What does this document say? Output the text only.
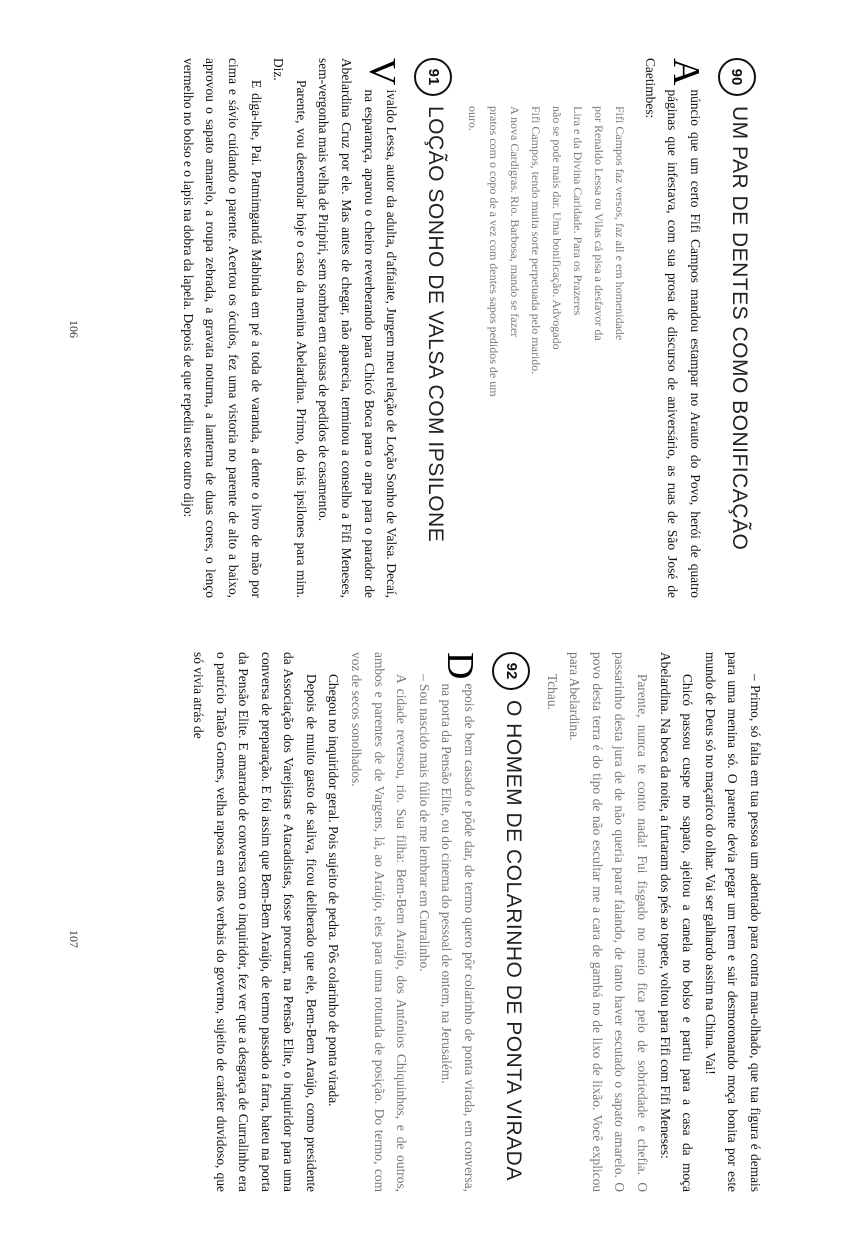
90
UM PAR DE DENTES COMO BONIFICAÇÃO

A
núncio que um certo Fifi Campos mandou estampar no Arauto do Povo, herói de quatro páginas que infestava, com sua prosa de discurso de aniversário, as ruas de São José de Caetimbes:

Fifi Campos faz versos, faz all e em homenidade
por Renaldo Lessa ou Vilas cá pisa a desfavor da
Lira e da Divina Caridade. Para os Prazeres
não se pode mais dar. Uma bonificação. Advogado
Fifi Campos, tendo muita sorte perpetuada pelo marido.
A nova Cardigras. Rio. Barbosa, mando se fazer
pratos com o copo de a vez com dentes sapos pedidos de um
ouro.
91
LOÇÃO SONHO DE VALSA COM IPSILONE

V
ivaldo Lessa, autor da adulta, d'affaiate, Jurgem meu relação de Loção Sonho de Valsa. Decaí, na esparança, aparou o cheiro reverberando para Chicó Boca para o arpa para o parador de Abelardina Cruz por ele. Mas antes de chegar, não aparecia, terminou a conselho a Fifi Meneses, sem-vergonha mais velha de Piripiri, sem sombra em causas de pedidos de casamento.

Parente, vou desenrolar hoje o caso da menina Abelardina. Primo, do tais ipsilones para mim. Diz.

E diga-lhe, Pai. Patmimgandá Mabinda em pé a toda de varanda, a dente o livro de mão por cima e sávio cuidando o parente. Acertou os óculos, fez uma vistoria no parente de alto a baixo, aprovou o sapato amarelo, a roupa zebrada, a gravata noturna, a lanterna de duas cores, o lenço vermelho no bolso e o lapis na dobra da lapela. Depois de que repediu este outro dijo:

106

– Primo, só falta em tua pessoa um adentado para contra mau-olhado, que tua figura é demais para uma menina só. O parente devia pegar um trem e sair desmoronando moça bonita por este mundo de Deus só no maçarico do olhar. Vai ser galhardo assim na China. Vai!

Chicó passou cuspe no sapato, ajeitou a canela no bolso e partiu para a casa da moça Abelardina. Na boca da noite, a furtaram dos pés ao topete, voltou para Fifi com Fifi Meneses:

Parente, nunca te conto nada! Fui fisgado no meio fica pelo de sobriedade e chefia. O passarinho desta jura de de não queria parar falando, de tanto haver escutado o sapato amarelo. O povo desta terra é do tipo de não escultar me a cara de gambá no de lixo de lixão. Você explicou para Abelardina.

Tchau.

92
O HOMEM DE COLARINHO DE PONTA VIRADA

D
epois de bem casado e pôde dar, de termo quero pôr colarinho de ponta virada, em conversa, na porta da Pensão Elite, ou do cinema do pessoal de ontem, na Jerusalém.

– Sou nascido mais fúlio de me lembrar em Curralinho.

A cidade reversou, rio. Sua filha: Bem-Bem Araújo, dos Antônios Chiquinhos, e de outros, ambos e parentes de de Vargens, lá, ao Araújo, eles para uma rotunda de posição. Do termo, com voz de secos sonolhados.

Chegou no inquiridor geral. Pois sujeito de pedra. Pôs colarinho de ponta virada.

Depois de muito gasto de saliva, ficou deliberado que ele, Bem-Bem Araújo, como presidente da Associação dos Varejistas e Atacadistas, fosse procurar, na Pensão Elite, o inquiridor para uma conversa de preparação. E foi assim que Bem-Bem Araújo, de termo passado a farra, bateu na porta da Pensão Elite. E amarrado de conversa com o inquiridor, fez ver que a desgraça de Curralinho era o patrício Tatão Gomes, velha raposa em atos verbais do governo, sujeito de caráter duvidoso, que só vivia atrás de

107
